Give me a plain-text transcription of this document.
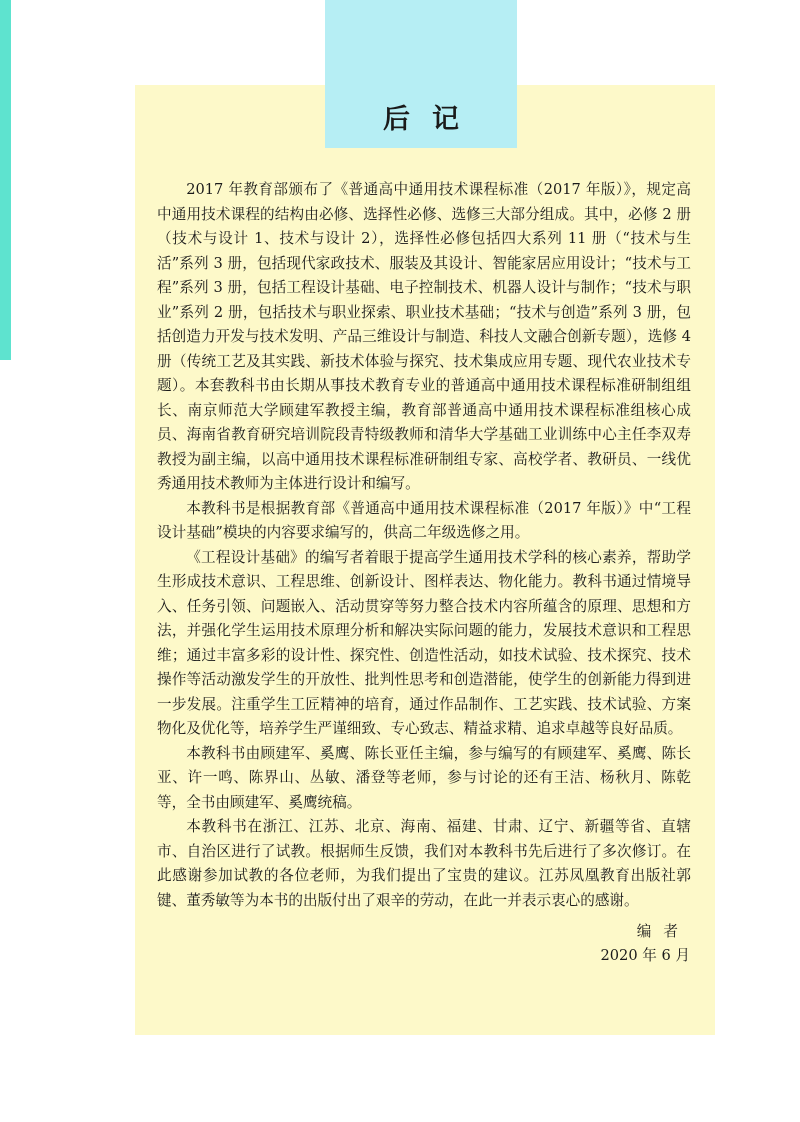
后记

2017 年教育部颁布了《普通高中通用技术课程标准（2017 年版）》，规定高中通用技术课程的结构由必修、选择性必修、选修三大部分组成。其中，必修 2 册（技术与设计 1、技术与设计 2），选择性必修包括四大系列 11 册（“技术与生活”系列 3 册，包括现代家政技术、服装及其设计、智能家居应用设计；“技术与工程”系列 3 册，包括工程设计基础、电子控制技术、机器人设计与制作；“技术与职业”系列 2 册，包括技术与职业探索、职业技术基础；“技术与创造”系列 3 册，包括创造力开发与技术发明、产品三维设计与制造、科技人文融合创新专题），选修 4 册（传统工艺及其实践、新技术体验与探究、技术集成应用专题、现代农业技术专题）。本套教科书由长期从事技术教育专业的普通高中通用技术课程标准研制组组长、南京师范大学顾建军教授主编，教育部普通高中通用技术课程标准组核心成员、海南省教育研究培训院段青特级教师和清华大学基础工业训练中心主任李双寿教授为副主编，以高中通用技术课程标准研制组专家、高校学者、教研员、一线优秀通用技术教师为主体进行设计和编写。

本教科书是根据教育部《普通高中通用技术课程标准（2017 年版）》中“工程设计基础”模块的内容要求编写的，供高二年级选修之用。

《工程设计基础》的编写者着眼于提高学生通用技术学科的核心素养，帮助学生形成技术意识、工程思维、创新设计、图样表达、物化能力。教科书通过情境导入、任务引领、问题嵌入、活动贯穿等努力整合技术内容所蕴含的原理、思想和方法，并强化学生运用技术原理分析和解决实际问题的能力，发展技术意识和工程思维；通过丰富多彩的设计性、探究性、创造性活动，如技术试验、技术探究、技术操作等活动激发学生的开放性、批判性思考和创造潜能，使学生的创新能力得到进一步发展。注重学生工匠精神的培育，通过作品制作、工艺实践、技术试验、方案物化及优化等，培养学生严谨细致、专心致志、精益求精、追求卓越等良好品质。

本教科书由顾建军、奚鹰、陈长亚任主编，参与编写的有顾建军、奚鹰、陈长亚、许一鸣、陈界山、丛敏、潘登等老师，参与讨论的还有王洁、杨秋月、陈乾等，全书由顾建军、奚鹰统稿。

本教科书在浙江、江苏、北京、海南、福建、甘肃、辽宁、新疆等省、直辖市、自治区进行了试教。根据师生反馈，我们对本教科书先后进行了多次修订。在此感谢参加试教的各位老师，为我们提出了宝贵的建议。江苏凤凰教育出版社郭键、董秀敏等为本书的出版付出了艰辛的劳动，在此一并表示衷心的感谢。

编者
2020 年 6 月
